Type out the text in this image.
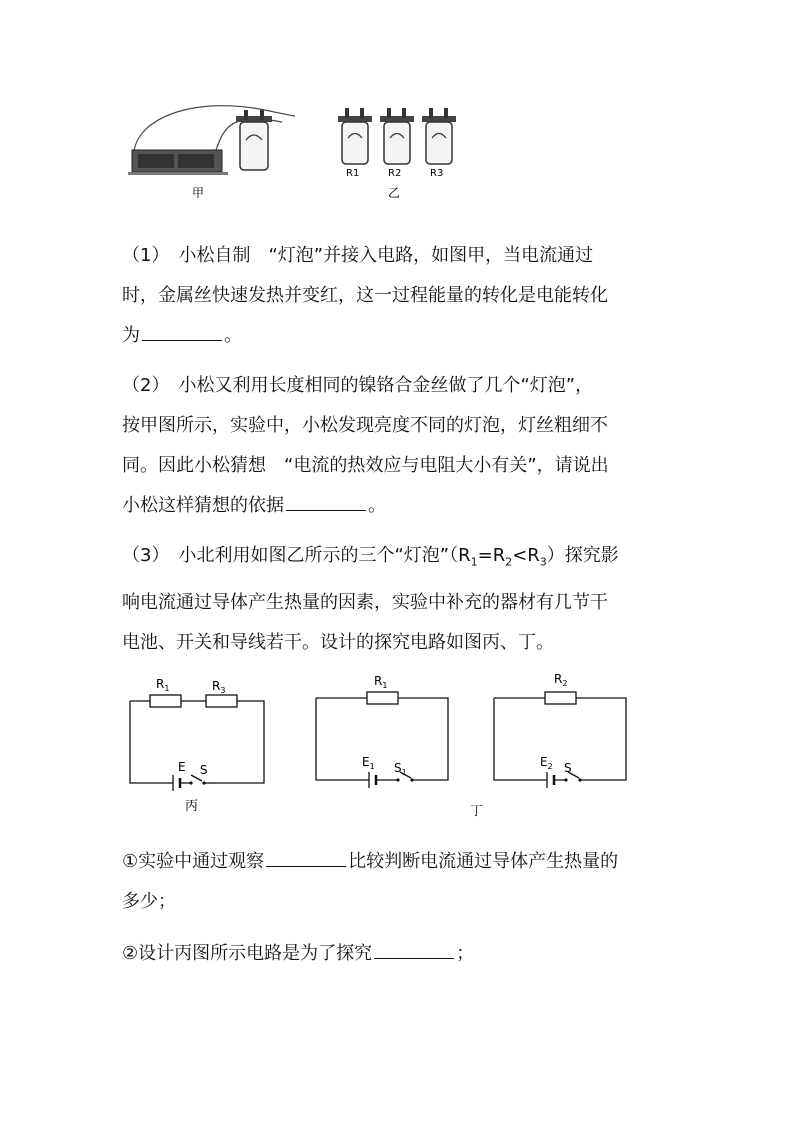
甲	乙
R1	R2	R3
（1）　小松自制　“灯泡”并接入电路，如图甲，当电流通过
时，金属丝快速发热并变红，这一过程能量的转化是电能转化
为	。
（2）　小松又利用长度相同的镍铬合金丝做了几个“灯泡”，
按甲图所示，实验中，小松发现亮度不同的灯泡，灯丝粗细不
同。因此小松猜想　“电流的热效应与电阻大小有关”，请说出
小松这样猜想的依据	。
（3）　小北利用如图乙所示的三个“灯泡$”(R_1=R_2<R_3)$探究影
响电流通过导体产生热量的因素，实验中补充的器材有几节干
电池、开关和导线若干。设计的探究电路如图丙、丁。
$R_1$	$R_3$
E S
丙
$R_1$
$E_1$ $S_1$
$R_2$
$E_2$ S
丁
①实验中通过观察	比较判断电流通过导体产生热量的
多少；
②设计丙图所示电路是为了探究	；
